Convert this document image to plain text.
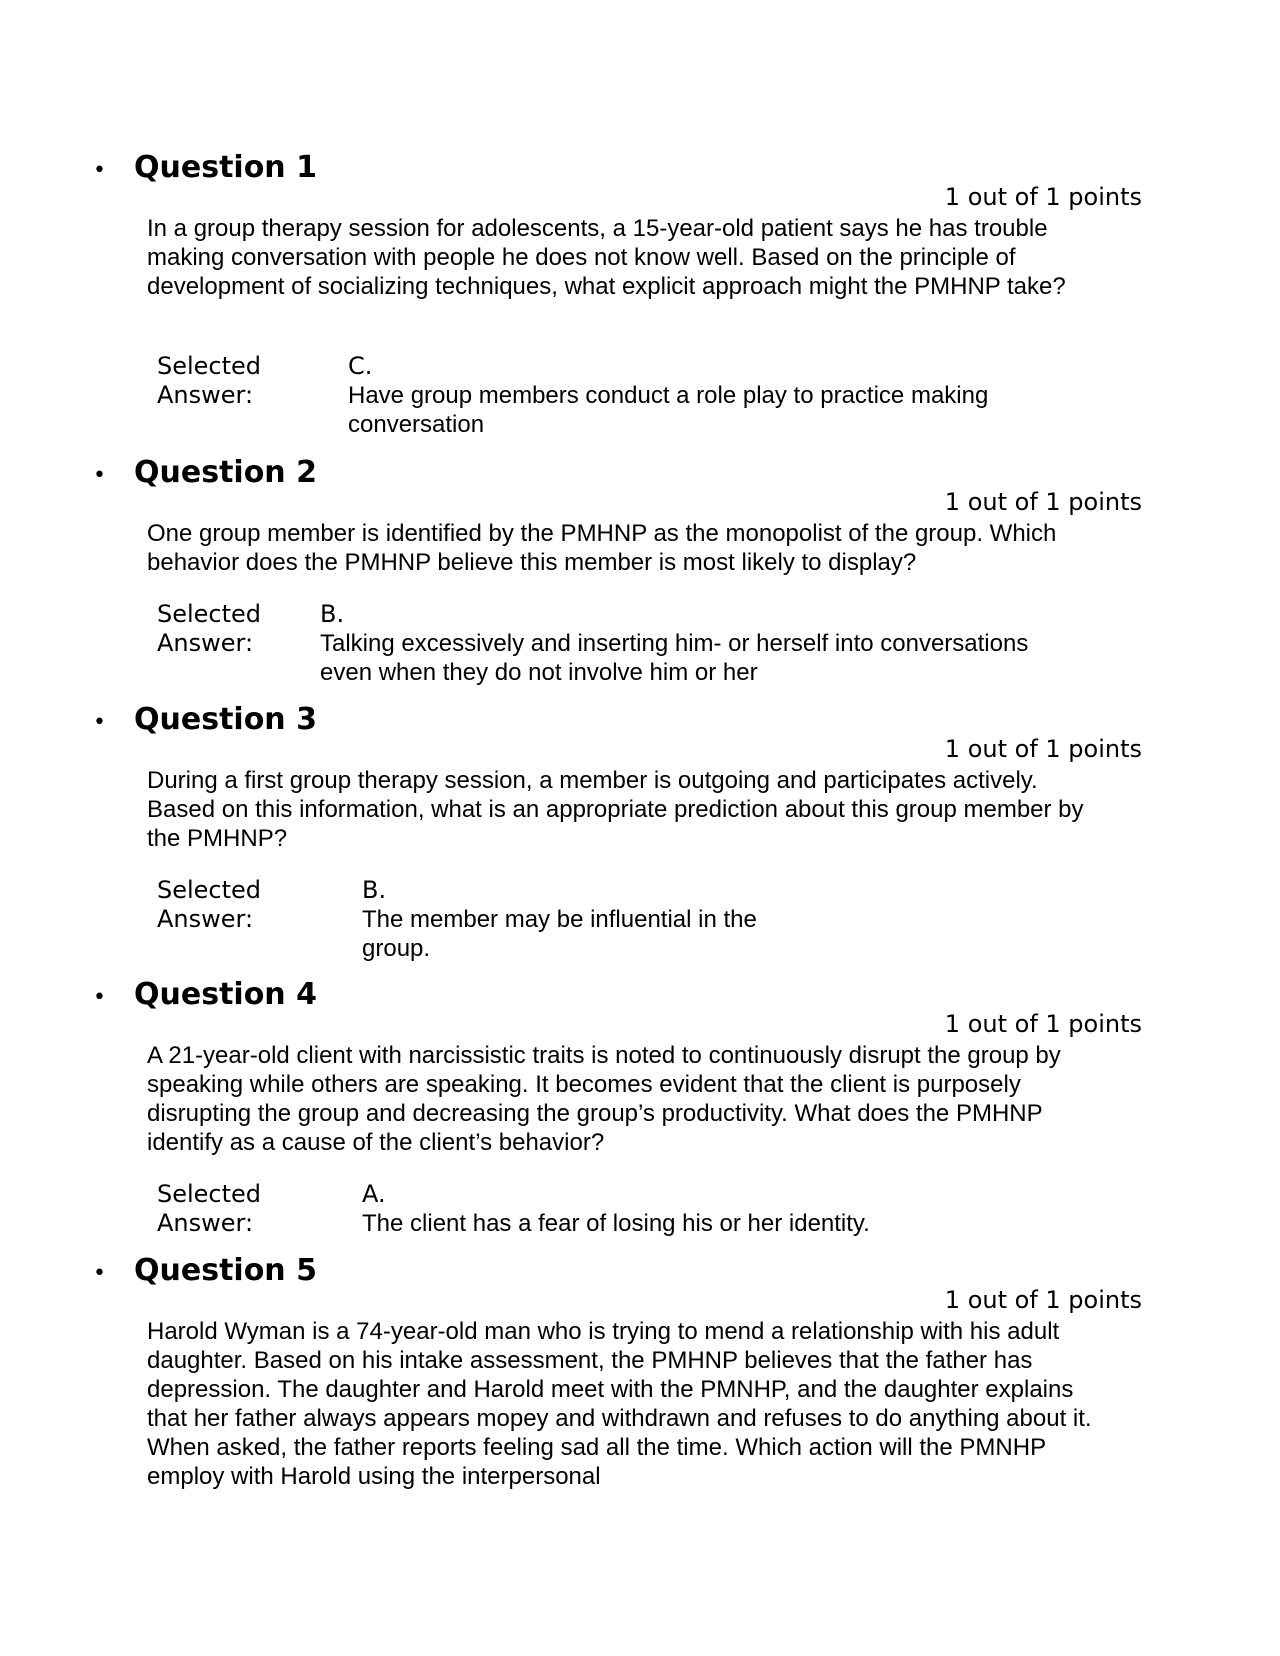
• Question 1
1 out of 1 points
In a group therapy session for adolescents, a 15-year-old patient says he has trouble making conversation with people he does not know well. Based on the principle of development of socializing techniques, what explicit approach might the PMHNP take?
Selected
Answer:
C.
Have group members conduct a role play to practice making conversation
• Question 2
1 out of 1 points
One group member is identified by the PMHNP as the monopolist of the group. Which behavior does the PMHNP believe this member is most likely to display?
Selected
Answer:
B.
Talking excessively and inserting him- or herself into conversations even when they do not involve him or her
• Question 3
1 out of 1 points
During a first group therapy session, a member is outgoing and participates actively. Based on this information, what is an appropriate prediction about this group member by the PMHNP?
Selected
Answer:
B.
The member may be influential in the group.
• Question 4
1 out of 1 points
A 21-year-old client with narcissistic traits is noted to continuously disrupt the group by speaking while others are speaking. It becomes evident that the client is purposely disrupting the group and decreasing the group’s productivity. What does the PMHNP identify as a cause of the client’s behavior?
Selected
Answer:
A.
The client has a fear of losing his or her identity.
• Question 5
1 out of 1 points
Harold Wyman is a 74-year-old man who is trying to mend a relationship with his adult daughter. Based on his intake assessment, the PMHNP believes that the father has depression. The daughter and Harold meet with the PMNHP, and the daughter explains that her father always appears mopey and withdrawn and refuses to do anything about it. When asked, the father reports feeling sad all the time. Which action will the PMNHP employ with Harold using the interpersonal
